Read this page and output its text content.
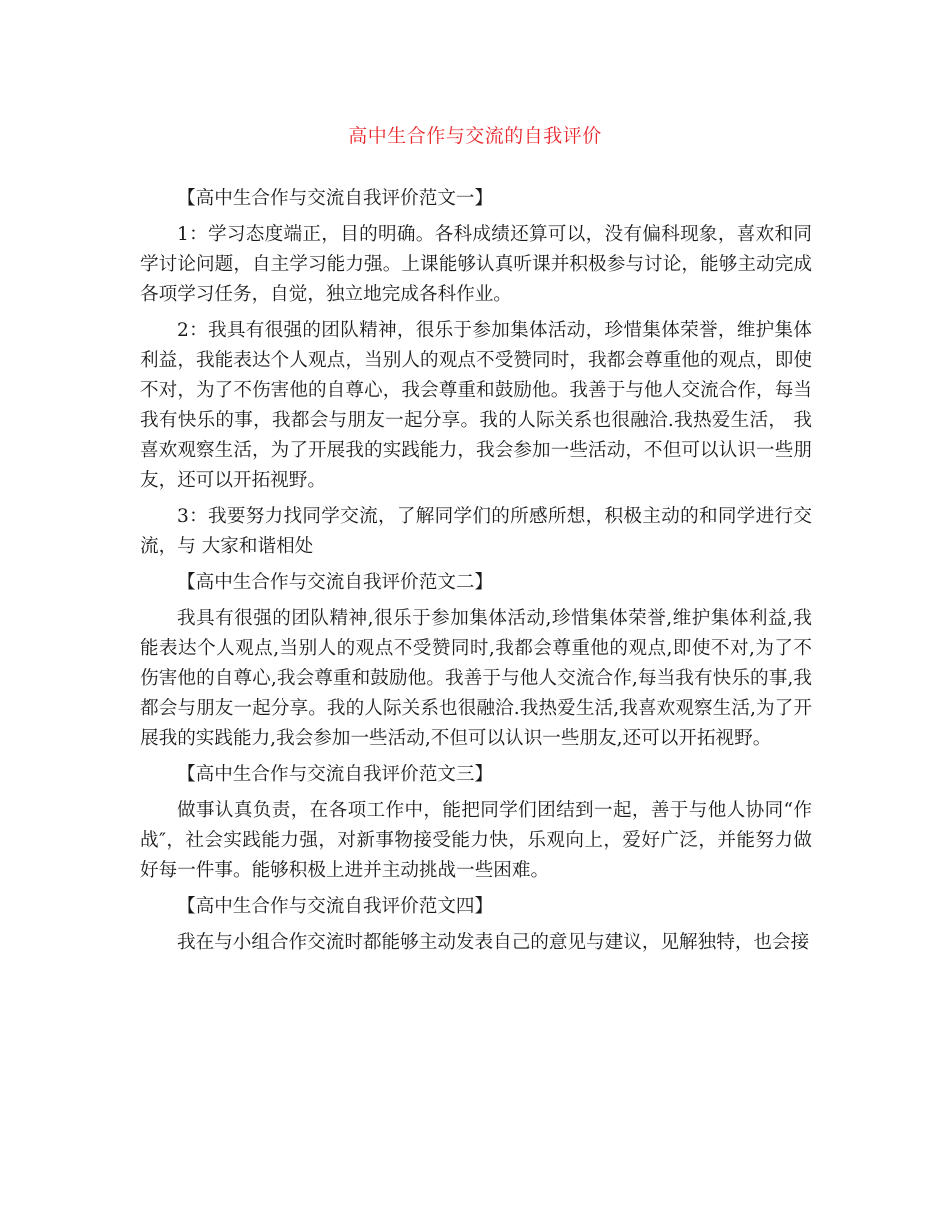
高中生合作与交流的自我评价

【高中生合作与交流自我评价范文一】

1：学习态度端正，目的明确。各科成绩还算可以，没有偏科现象，喜欢和同学讨论问题，自主学习能力强。上课能够认真听课并积极参与讨论，能够主动完成各项学习任务，自觉，独立地完成各科作业。

2：我具有很强的团队精神，很乐于参加集体活动，珍惜集体荣誉，维护集体利益，我能表达个人观点，当别人的观点不受赞同时，我都会尊重他的观点，即使不对，为了不伤害他的自尊心，我会尊重和鼓励他。我善于与他人交流合作，每当我有快乐的事，我都会与朋友一起分享。我的人际关系也很融洽.我热爱生活， 我喜欢观察生活，为了开展我的实践能力，我会参加一些活动，不但可以认识一些朋友，还可以开拓视野。

3：我要努力找同学交流，了解同学们的所感所想，积极主动的和同学进行交流，与 大家和谐相处

【高中生合作与交流自我评价范文二】

我具有很强的团队精神,很乐于参加集体活动,珍惜集体荣誉,维护集体利益,我能表达个人观点,当别人的观点不受赞同时,我都会尊重他的观点,即使不对,为了不伤害他的自尊心,我会尊重和鼓励他。我善于与他人交流合作,每当我有快乐的事,我都会与朋友一起分享。我的人际关系也很融洽.我热爱生活,我喜欢观察生活,为了开展我的实践能力,我会参加一些活动,不但可以认识一些朋友,还可以开拓视野。

【高中生合作与交流自我评价范文三】

做事认真负责，在各项工作中，能把同学们团结到一起，善于与他人协同“作战″，社会实践能力强，对新事物接受能力快，乐观向上，爱好广泛，并能努力做好每一件事。能够积极上进并主动挑战一些困难。

【高中生合作与交流自我评价范文四】

我在与小组合作交流时都能够主动发表自己的意见与建议，见解独特，也会接
